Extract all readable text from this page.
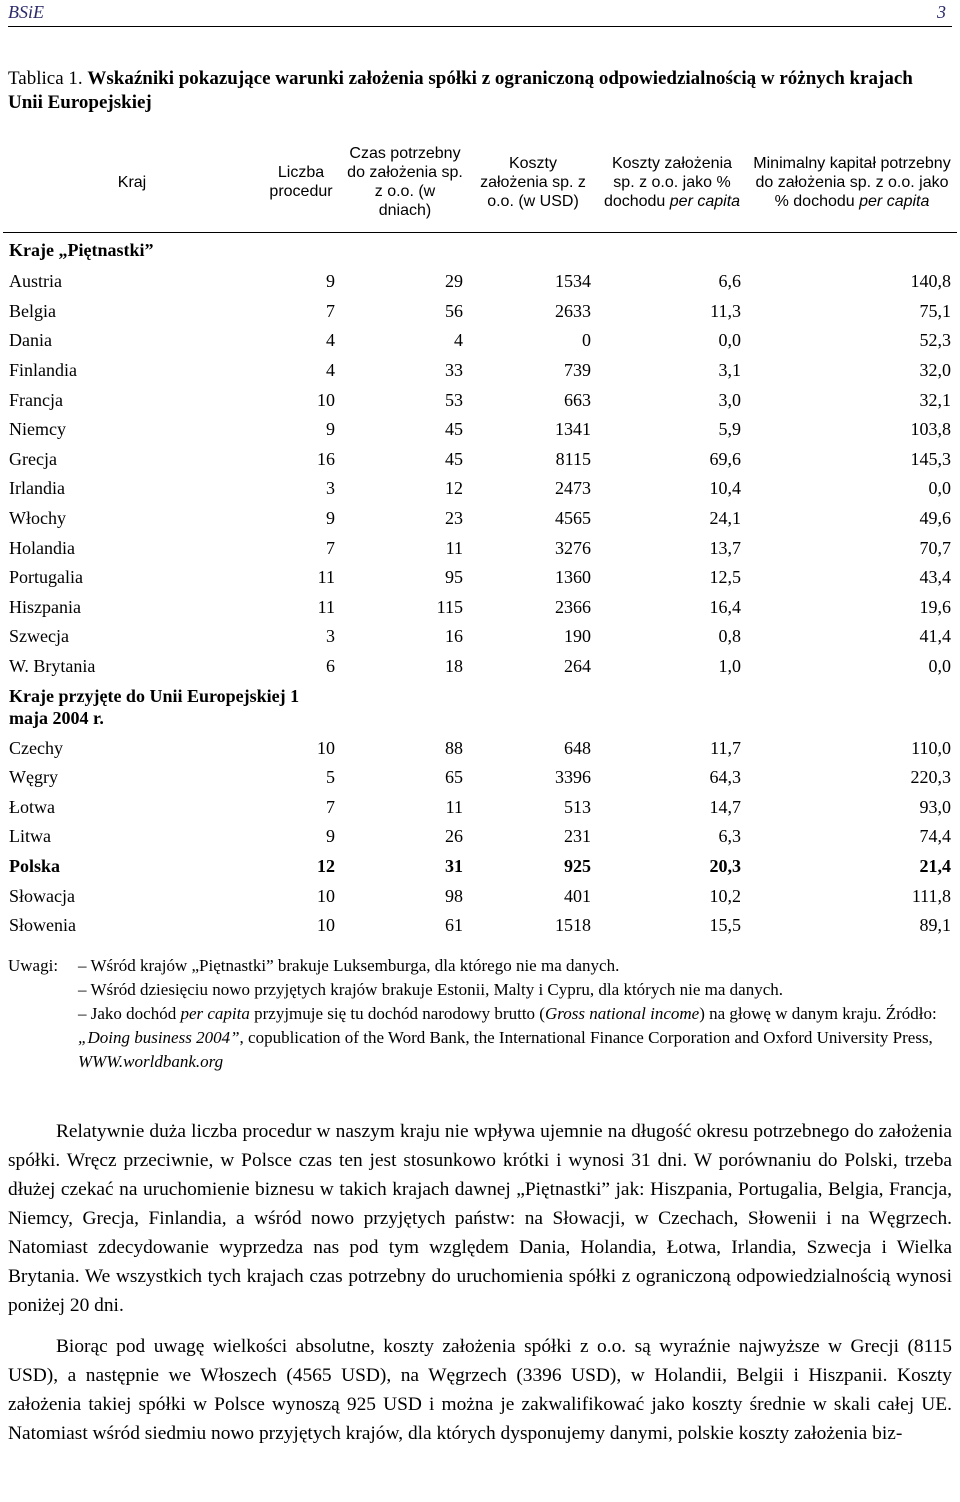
BSiE	3
Tablica 1. Wskaźniki pokazujące warunki założenia spółki z ograniczoną odpowiedzialnością w różnych krajach Unii Europejskiej
Kraj	Liczba procedur	Czas potrzebny do założenia sp. z o.o. (w dniach)	Koszty założenia sp. z o.o. (w USD)	Koszty założenia sp. z o.o. jako % dochodu per capita	Minimalny kapitał potrzebny do założenia sp. z o.o. jako % dochodu per capita

Kraje „Piętnastki”					
Austria	9	29	1534	6,6	140,8
Belgia	7	56	2633	11,3	75,1
Dania	4	4	0	0,0	52,3
Finlandia	4	33	739	3,1	32,0
Francja	10	53	663	3,0	32,1
Niemcy	9	45	1341	5,9	103,8
Grecja	16	45	8115	69,6	145,3
Irlandia	3	12	2473	10,4	0,0
Włochy	9	23	4565	24,1	49,6
Holandia	7	11	3276	13,7	70,7
Portugalia	11	95	1360	12,5	43,4
Hiszpania	11	115	2366	16,4	19,6
Szwecja	3	16	190	0,8	41,4
W. Brytania	6	18	264	1,0	0,0
Kraje przyjęte do Unii Europejskiej 1 maja 2004 r.					
Czechy	10	88	648	11,7	110,0
Węgry	5	65	3396	64,3	220,3
Łotwa	7	11	513	14,7	93,0
Litwa	9	26	231	6,3	74,4
Polska	12	31	925	20,3	21,4
Słowacja	10	98	401	10,2	111,8
Słowenia	10	61	1518	15,5	89,1
Uwagi:	– Wśród krajów „Piętnastki” brakuje Luksemburga, dla którego nie ma danych.
– Wśród dziesięciu nowo przyjętych krajów brakuje Estonii, Malty i Cypru, dla których nie ma danych.
– Jako dochód per capita przyjmuje się tu dochód narodowy brutto (Gross national income) na głowę w danym kraju. Źródło: „Doing business 2004”, copublication of the Word Bank, the International Finance Corporation and Oxford University Press, WWW.worldbank.org

Relatywnie duża liczba procedur w naszym kraju nie wpływa ujemnie na długość okresu potrzebnego do założenia spółki. Wręcz przeciwnie, w Polsce czas ten jest stosunkowo krótki i wynosi 31 dni. W porównaniu do Polski, trzeba dłużej czekać na uruchomienie biznesu w takich krajach dawnej „Piętnastki” jak: Hiszpania, Portugalia, Belgia, Francja, Niemcy, Grecja, Finlandia, a wśród nowo przyjętych państw: na Słowacji, w Czechach, Słowenii i na Węgrzech. Natomiast zdecydowanie wyprzedza nas pod tym względem Dania, Holandia, Łotwa, Irlandia, Szwecja i Wielka Brytania. We wszystkich tych krajach czas potrzebny do uruchomienia spółki z ograniczoną odpowiedzialnością wynosi poniżej 20 dni.

Biorąc pod uwagę wielkości absolutne, koszty założenia spółki z o.o. są wyraźnie najwyższe w Grecji (8115 USD), a następnie we Włoszech (4565 USD), na Węgrzech (3396 USD), w Holandii, Belgii i Hiszpanii. Koszty założenia takiej spółki w Polsce wynoszą 925 USD i można je zakwalifikować jako koszty średnie w skali całej UE. Natomiast wśród siedmiu nowo przyjętych krajów, dla których dysponujemy danymi, polskie koszty założenia biz-
